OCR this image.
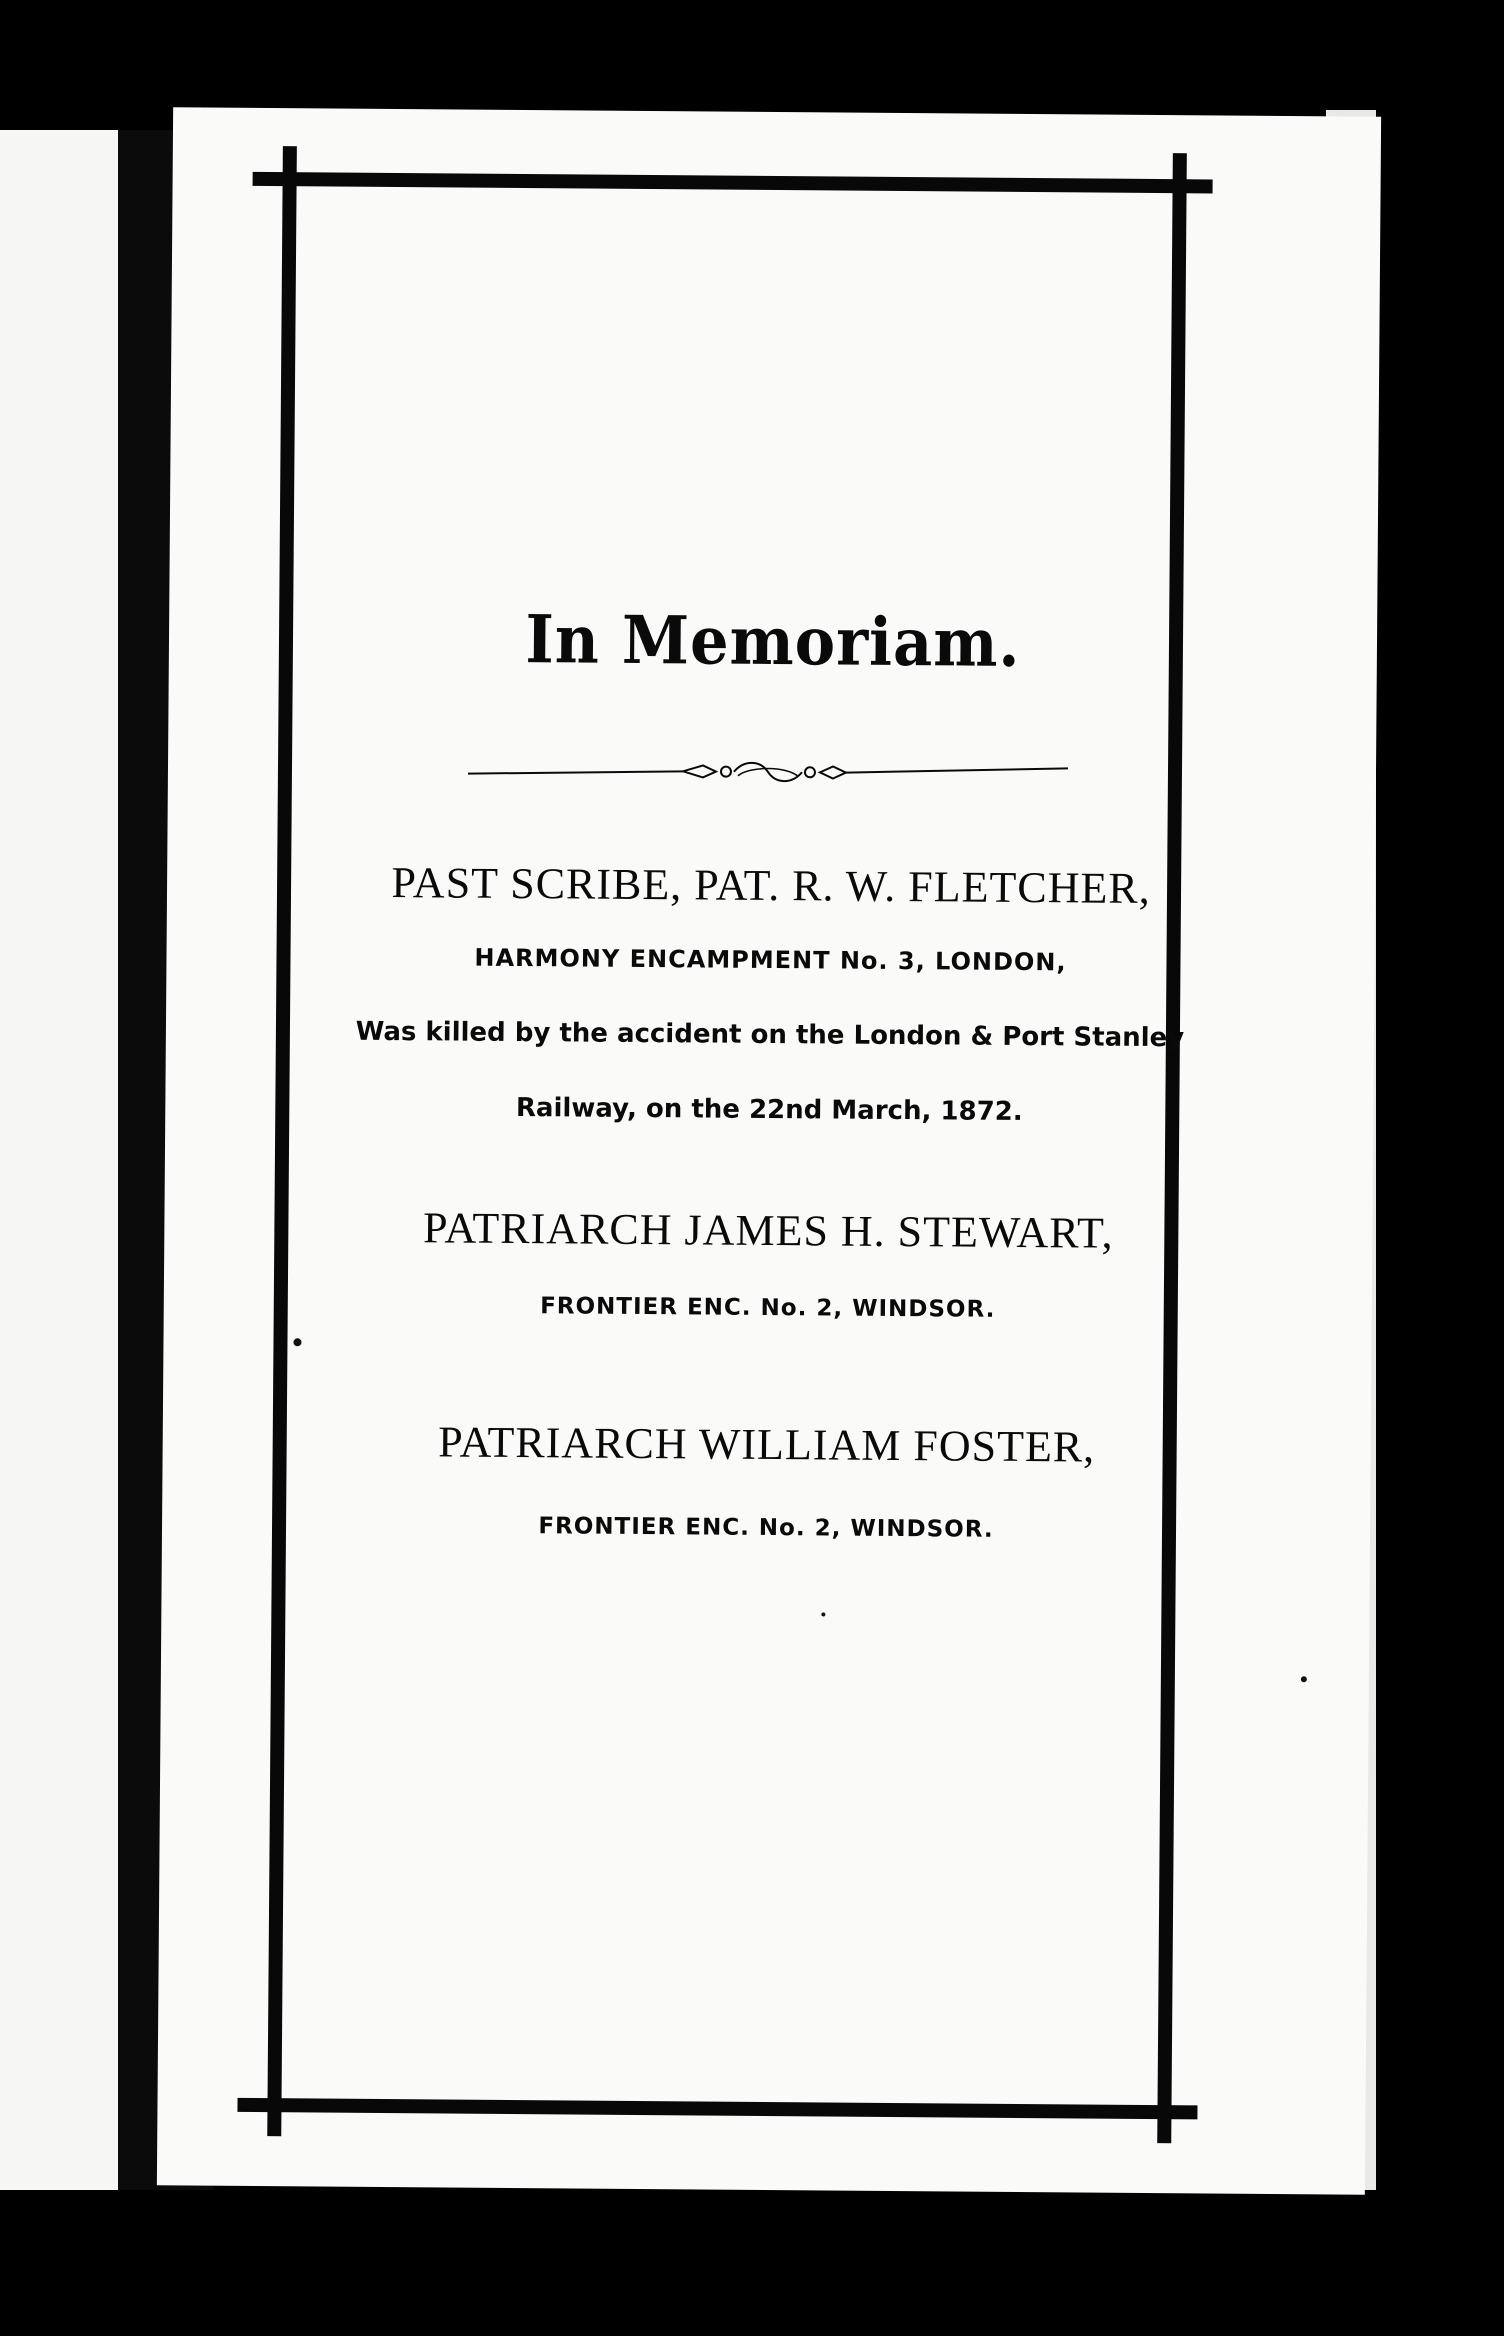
In Memoriam.
PAST SCRIBE, PAT. R. W. FLETCHER,
HARMONY ENCAMPMENT No. 3, LONDON,
Was killed by the accident on the London & Port Stanley
Railway, on the 22nd March, 1872.
PATRIARCH JAMES H. STEWART,
FRONTIER ENC. No. 2, WINDSOR.
PATRIARCH WILLIAM FOSTER,
FRONTIER ENC. No. 2, WINDSOR.
